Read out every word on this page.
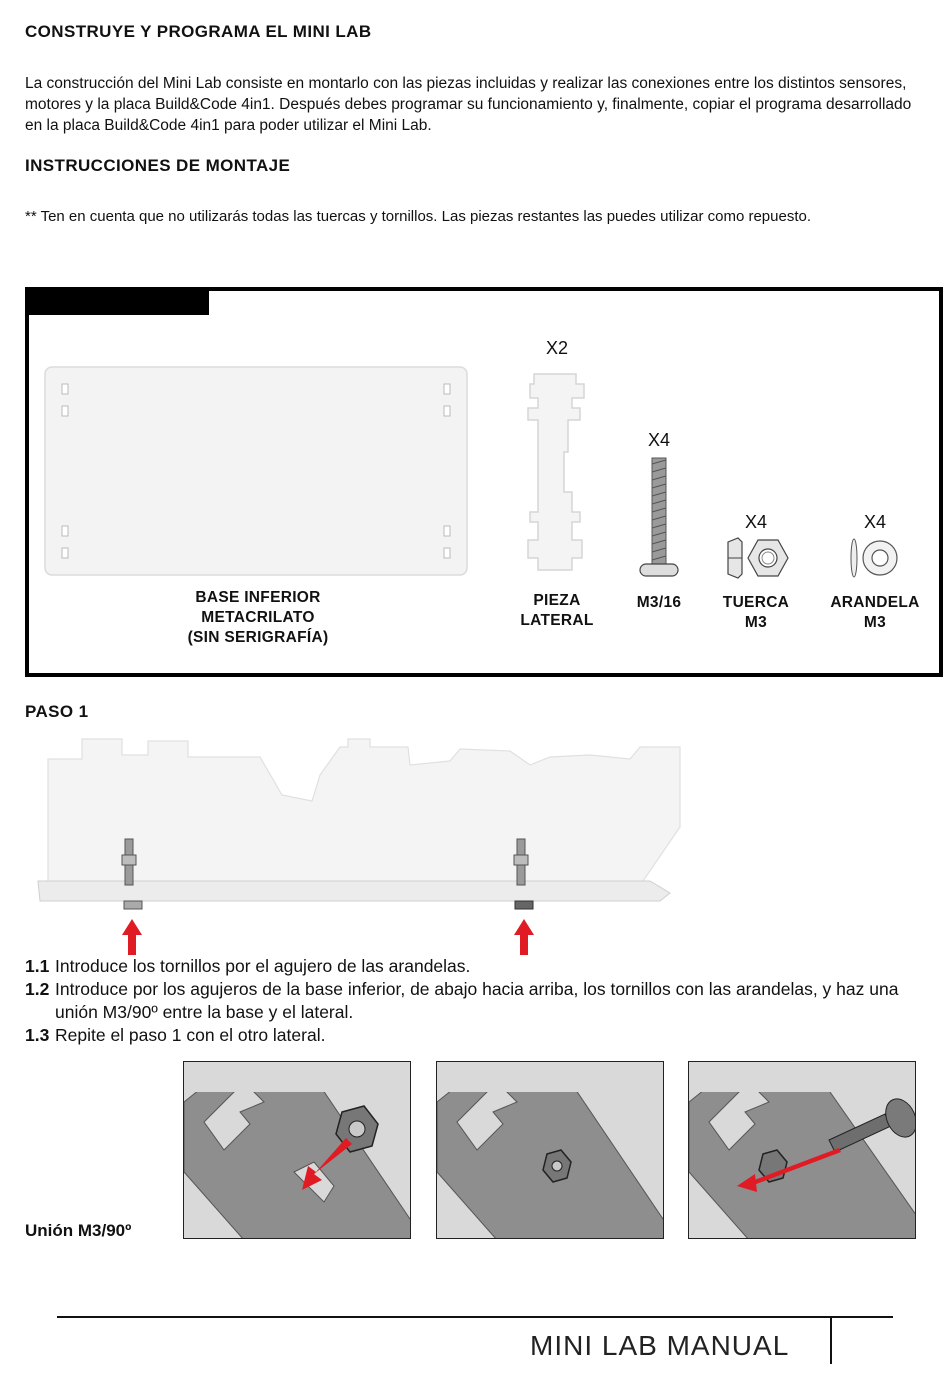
CONSTRUYE Y PROGRAMA EL MINI LAB

La construcción del Mini Lab consiste en montarlo con las piezas incluidas y realizar las conexiones entre los distintos sensores, motores y la placa Build&Code 4in1. Después debes programar su funcionamiento y, finalmente, copiar el programa desarrollado en la placa Build&Code 4in1 para poder utilizar el Mini Lab.

INSTRUCCIONES DE MONTAJE

** Ten en cuenta que no utilizarás todas las tuercas y tornillos. Las piezas restantes las puedes utilizar como repuesto.

BASE INFERIOR
METACRILATO
(SIN SERIGRAFÍA)
X2
PIEZA
LATERAL
X4
M3/16
X4
TUERCA
M3
X4
ARANDELA
M3
PASO 1
1.1 Introduce los tornillos por el agujero de las arandelas.
1.2 Introduce por los agujeros de la base inferior, de abajo hacia arriba, los tornillos con las arandelas, y haz una unión M3/90º entre la base y el lateral.
1.3 Repite el paso 1 con el otro lateral.
Unión M3/90º
MINI LAB MANUAL
